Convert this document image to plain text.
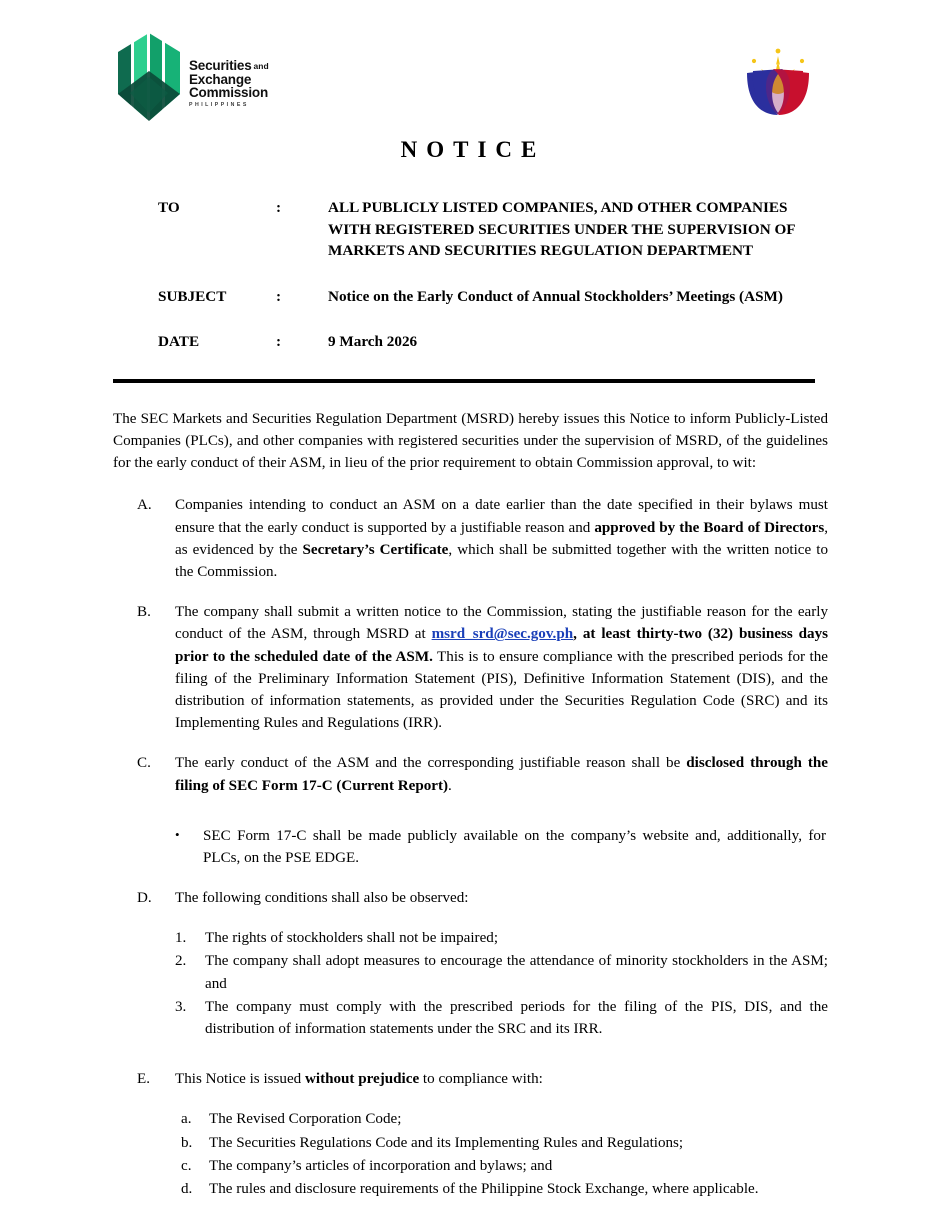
Securities and
Exchange
Commission
PHILIPPINES
NOTICE
TO	:	ALL PUBLICLY LISTED COMPANIES, AND OTHER COMPANIES WITH REGISTERED SECURITIES UNDER THE SUPERVISION OF MARKETS AND SECURITIES REGULATION DEPARTMENT
SUBJECT	:	Notice on the Early Conduct of Annual Stockholders’ Meetings (ASM)
DATE	:	9 March 2026

The SEC Markets and Securities Regulation Department (MSRD) hereby issues this Notice to inform Publicly-Listed Companies (PLCs), and other companies with registered securities under the supervision of MSRD, of the guidelines for the early conduct of their ASM, in lieu of the prior requirement to obtain Commission approval, to wit:

A.	Companies intending to conduct an ASM on a date earlier than the date specified in their bylaws must ensure that the early conduct is supported by a justifiable reason and approved by the Board of Directors, as evidenced by the Secretary’s Certificate, which shall be submitted together with the written notice to the Commission.
B.	The company shall submit a written notice to the Commission, stating the justifiable reason for the early conduct of the ASM, through MSRD at msrd_srd@sec.gov.ph, at least thirty-two (32) business days prior to the scheduled date of the ASM. This is to ensure compliance with the prescribed periods for the filing of the Preliminary Information Statement (PIS), Definitive Information Statement (DIS), and the distribution of information statements, as provided under the Securities Regulation Code (SRC) and its Implementing Rules and Regulations (IRR).
C.	The early conduct of the ASM and the corresponding justifiable reason shall be disclosed through the filing of SEC Form 17-C (Current Report).
•	SEC Form 17-C shall be made publicly available on the company’s website and, additionally, for PLCs, on the PSE EDGE.
D.	The following conditions shall also be observed:
1.	The rights of stockholders shall not be impaired;
2.	The company shall adopt measures to encourage the attendance of minority stockholders in the ASM; and
3.	The company must comply with the prescribed periods for the filing of the PIS, DIS, and the distribution of information statements under the SRC and its IRR.
E.	This Notice is issued without prejudice to compliance with:
a.	The Revised Corporation Code;
b.	The Securities Regulations Code and its Implementing Rules and Regulations;
c.	The company’s articles of incorporation and bylaws; and
d.	The rules and disclosure requirements of the Philippine Stock Exchange, where applicable.
